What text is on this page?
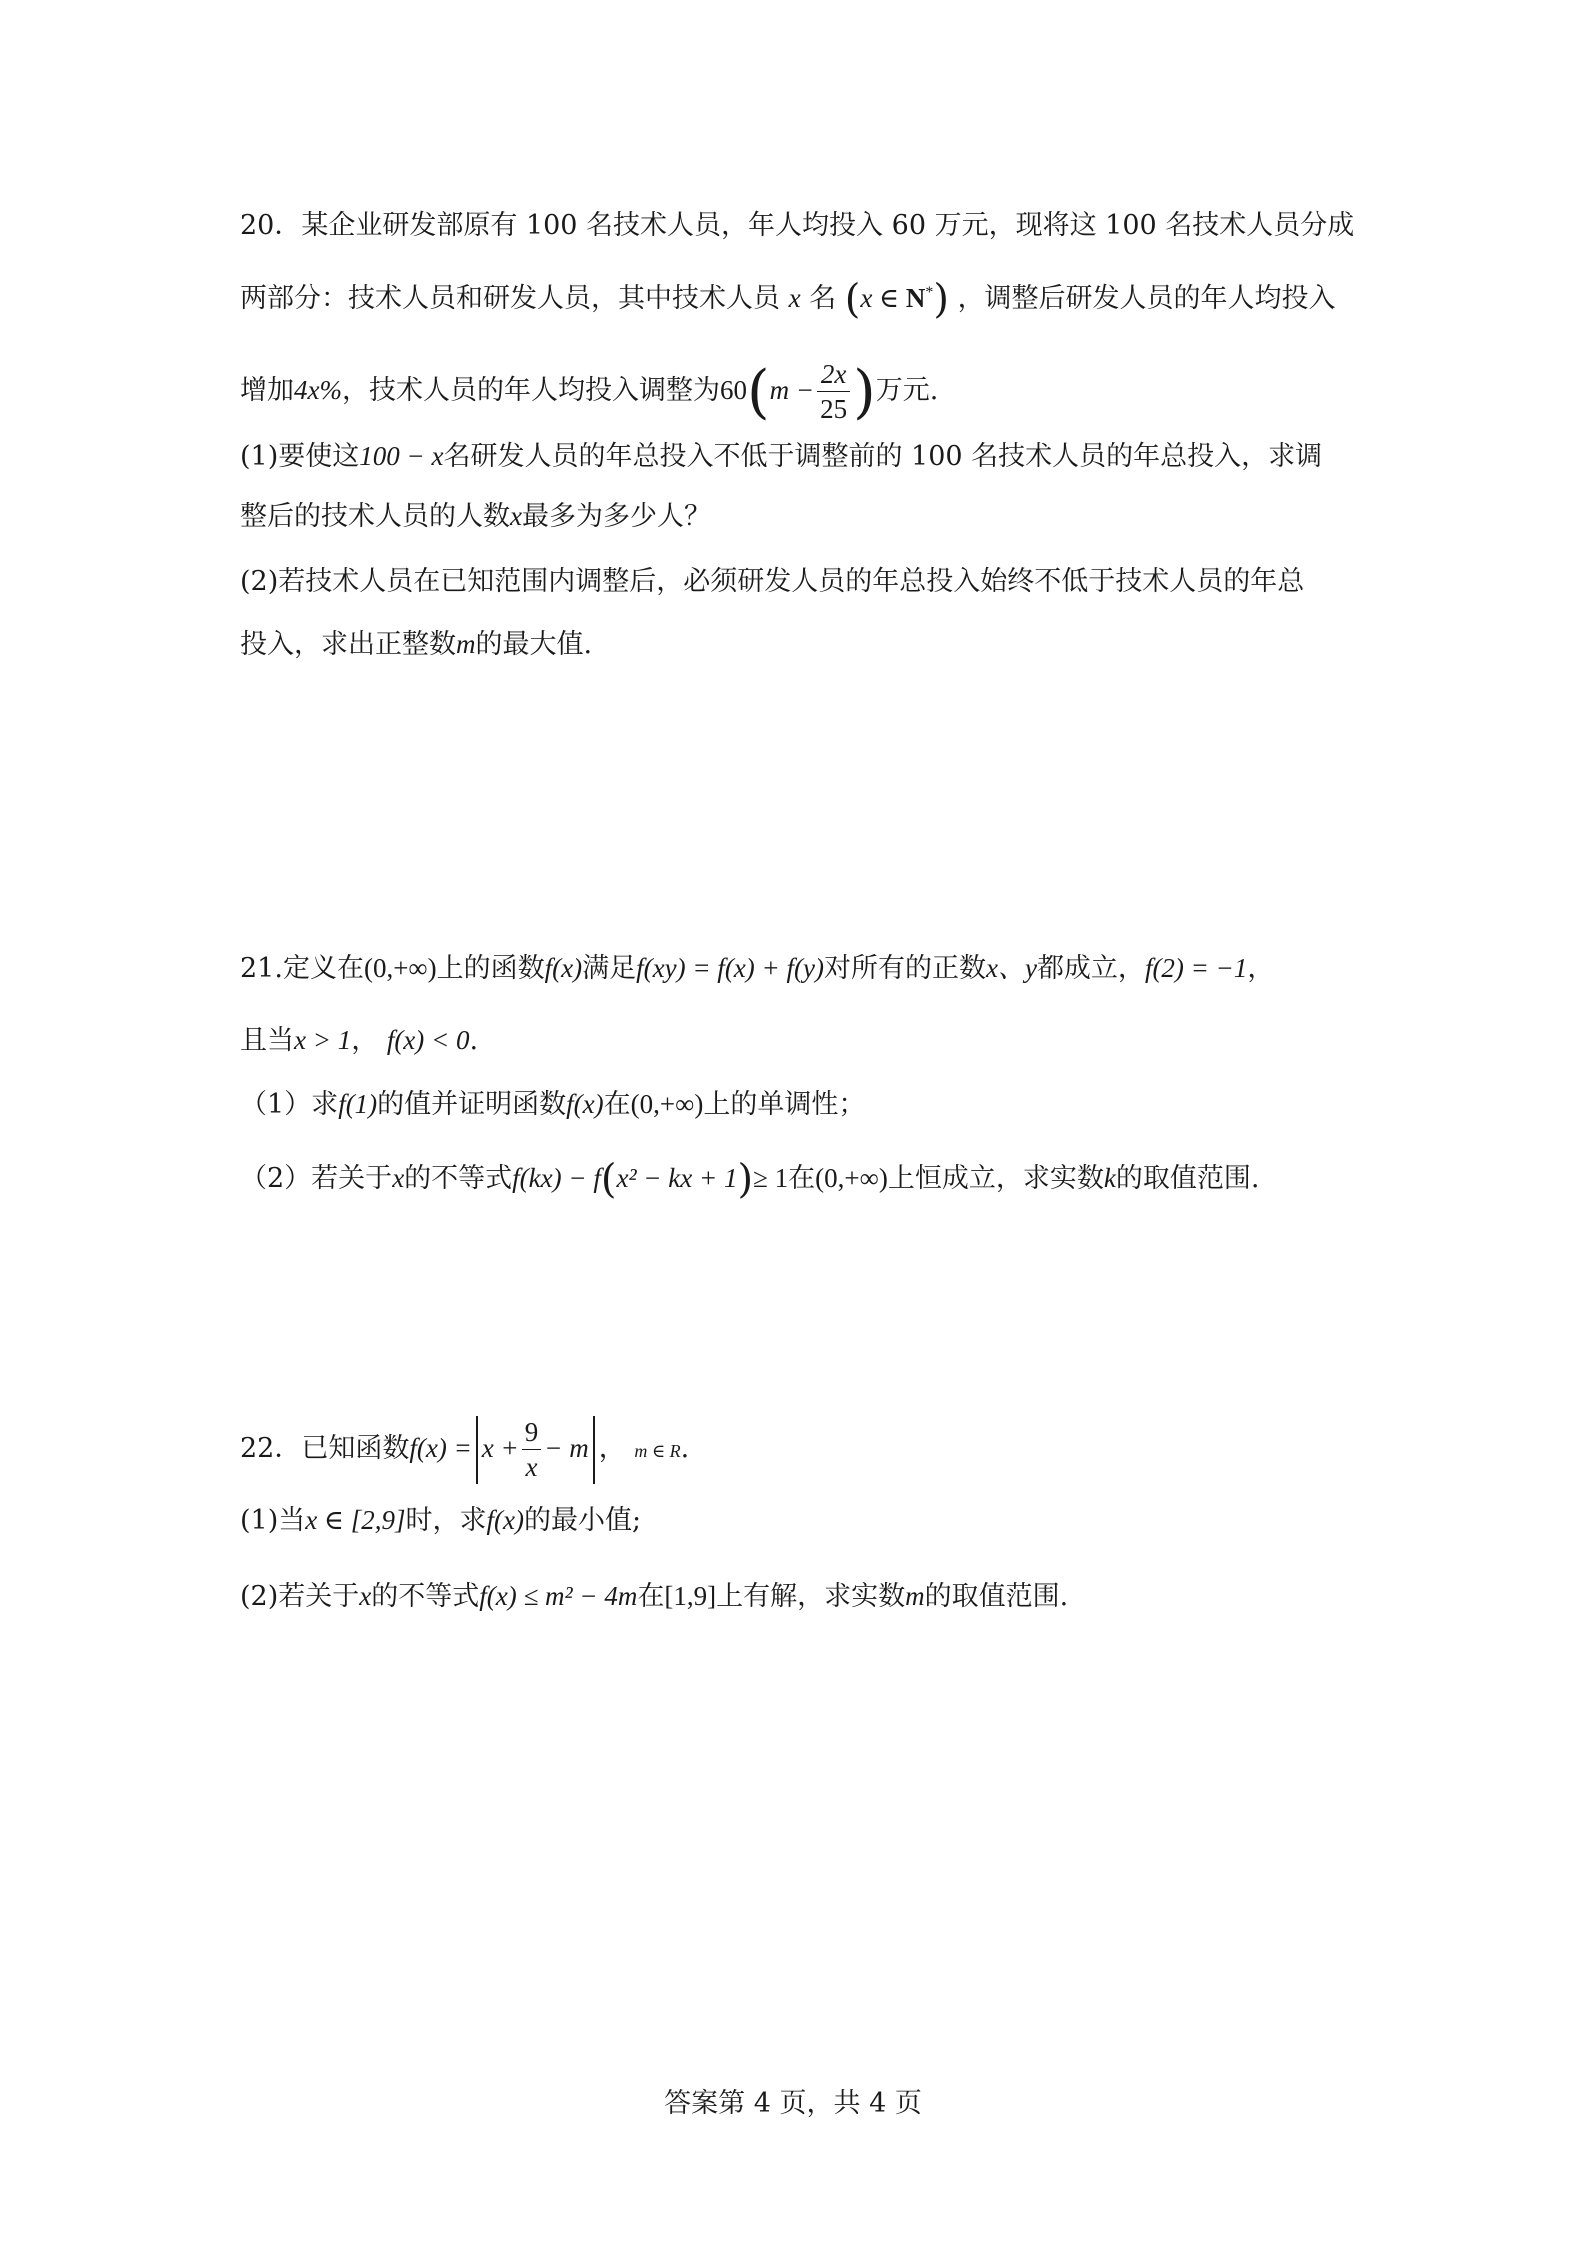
20．某企业研发部原有 100 名技术人员，年人均投入 60 万元，现将这 100 名技术人员分成
两部分：技术人员和研发人员，其中技术人员 x 名 (x ∈ N*) ，调整后研发人员的年人均投入
增加4x%，技术人员的年人均投入调整为$60(m - \frac{2x}{25}$ )万元.
(1)要使这100 − x名研发人员的年总投入不低于调整前的 100 名技术人员的年总投入，求调
整后的技术人员的人数x最多为多少人？
(2)若技术人员在已知范围内调整后，必须研发人员的年总投入始终不低于技术人员的年总
投入，求出正整数m的最大值.
21.定义在(0,+∞)上的函数f(x)满足f(xy) = f(x) + f(y)对所有的正数x、y都成立，f(2) = −1，
且当x > 1， f(x) < 0.
（1）求f(1)的值并证明函数f(x)在(0,+∞)上的单调性；
（2）若关于x的不等式f(kx) − f(x² − kx + 1)≥ 1在(0,+∞)上恒成立，求实数k的取值范围.
22．已知函数$f(x) = x + \frac{9}{x} - m$ ， m ∈ R.
(1)当x ∈ [2,9]时，求f(x)的最小值;
(2)若关于x的不等式f(x) ≤ m² − 4m在[1,9]上有解，求实数m的取值范围.
答案第 4 页，共 4 页
